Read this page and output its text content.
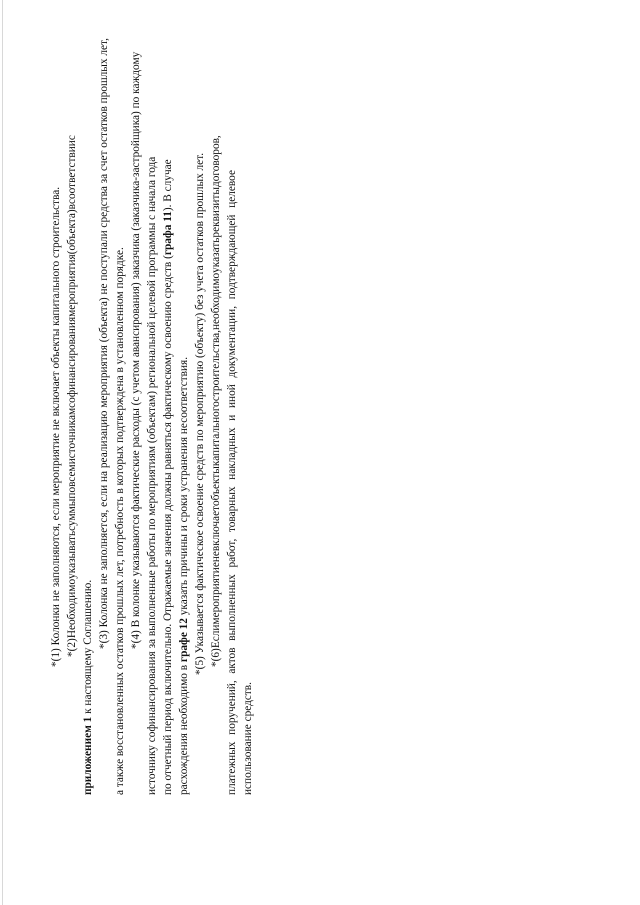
*(1) Колонки не заполняются, если мероприятие не включает объекты капитального строительства. *(2)
Необходимо
указывать
суммы
по
всем
источникам
софинансирования
мероприятия
(объекта)
в
соответствии
с
приложением 1 к настоящему Соглашению. *(3) Колонка не заполняется, если на реализацию мероприятия (объекта) не поступали средства за счет остатков прошлых лет, а также восстановленных остатков прошлых лет, потребность в которых подтверждена в установленном порядке. *(4) В колонке указываются фактические расходы (с учетом авансирования) заказчика (заказчика-застройщика) по каждому источнику софинансирования за выполненные работы по мероприятиям (объектам) региональной целевой программы с начала года по отчетный период включительно. Отражаемые значения должны равняться фактическому освоению средств (графа 11). В случае
расхождения необходимо в графе 12 указать причины и сроки устранения несоответствия. *(5) Указывается фактическое освоение средств по мероприятию (объекту) без учета остатков прошлых лет. *(6)
Если
мероприятие
не
включает
объекты
капитального
строительства,
необходимо
указать
реквизиты
договоров,
платежных
поручений,
актов
выполненных
работ,
товарных
накладных
и
иной
документации,
подтверждающей
целевое
использование средств.
